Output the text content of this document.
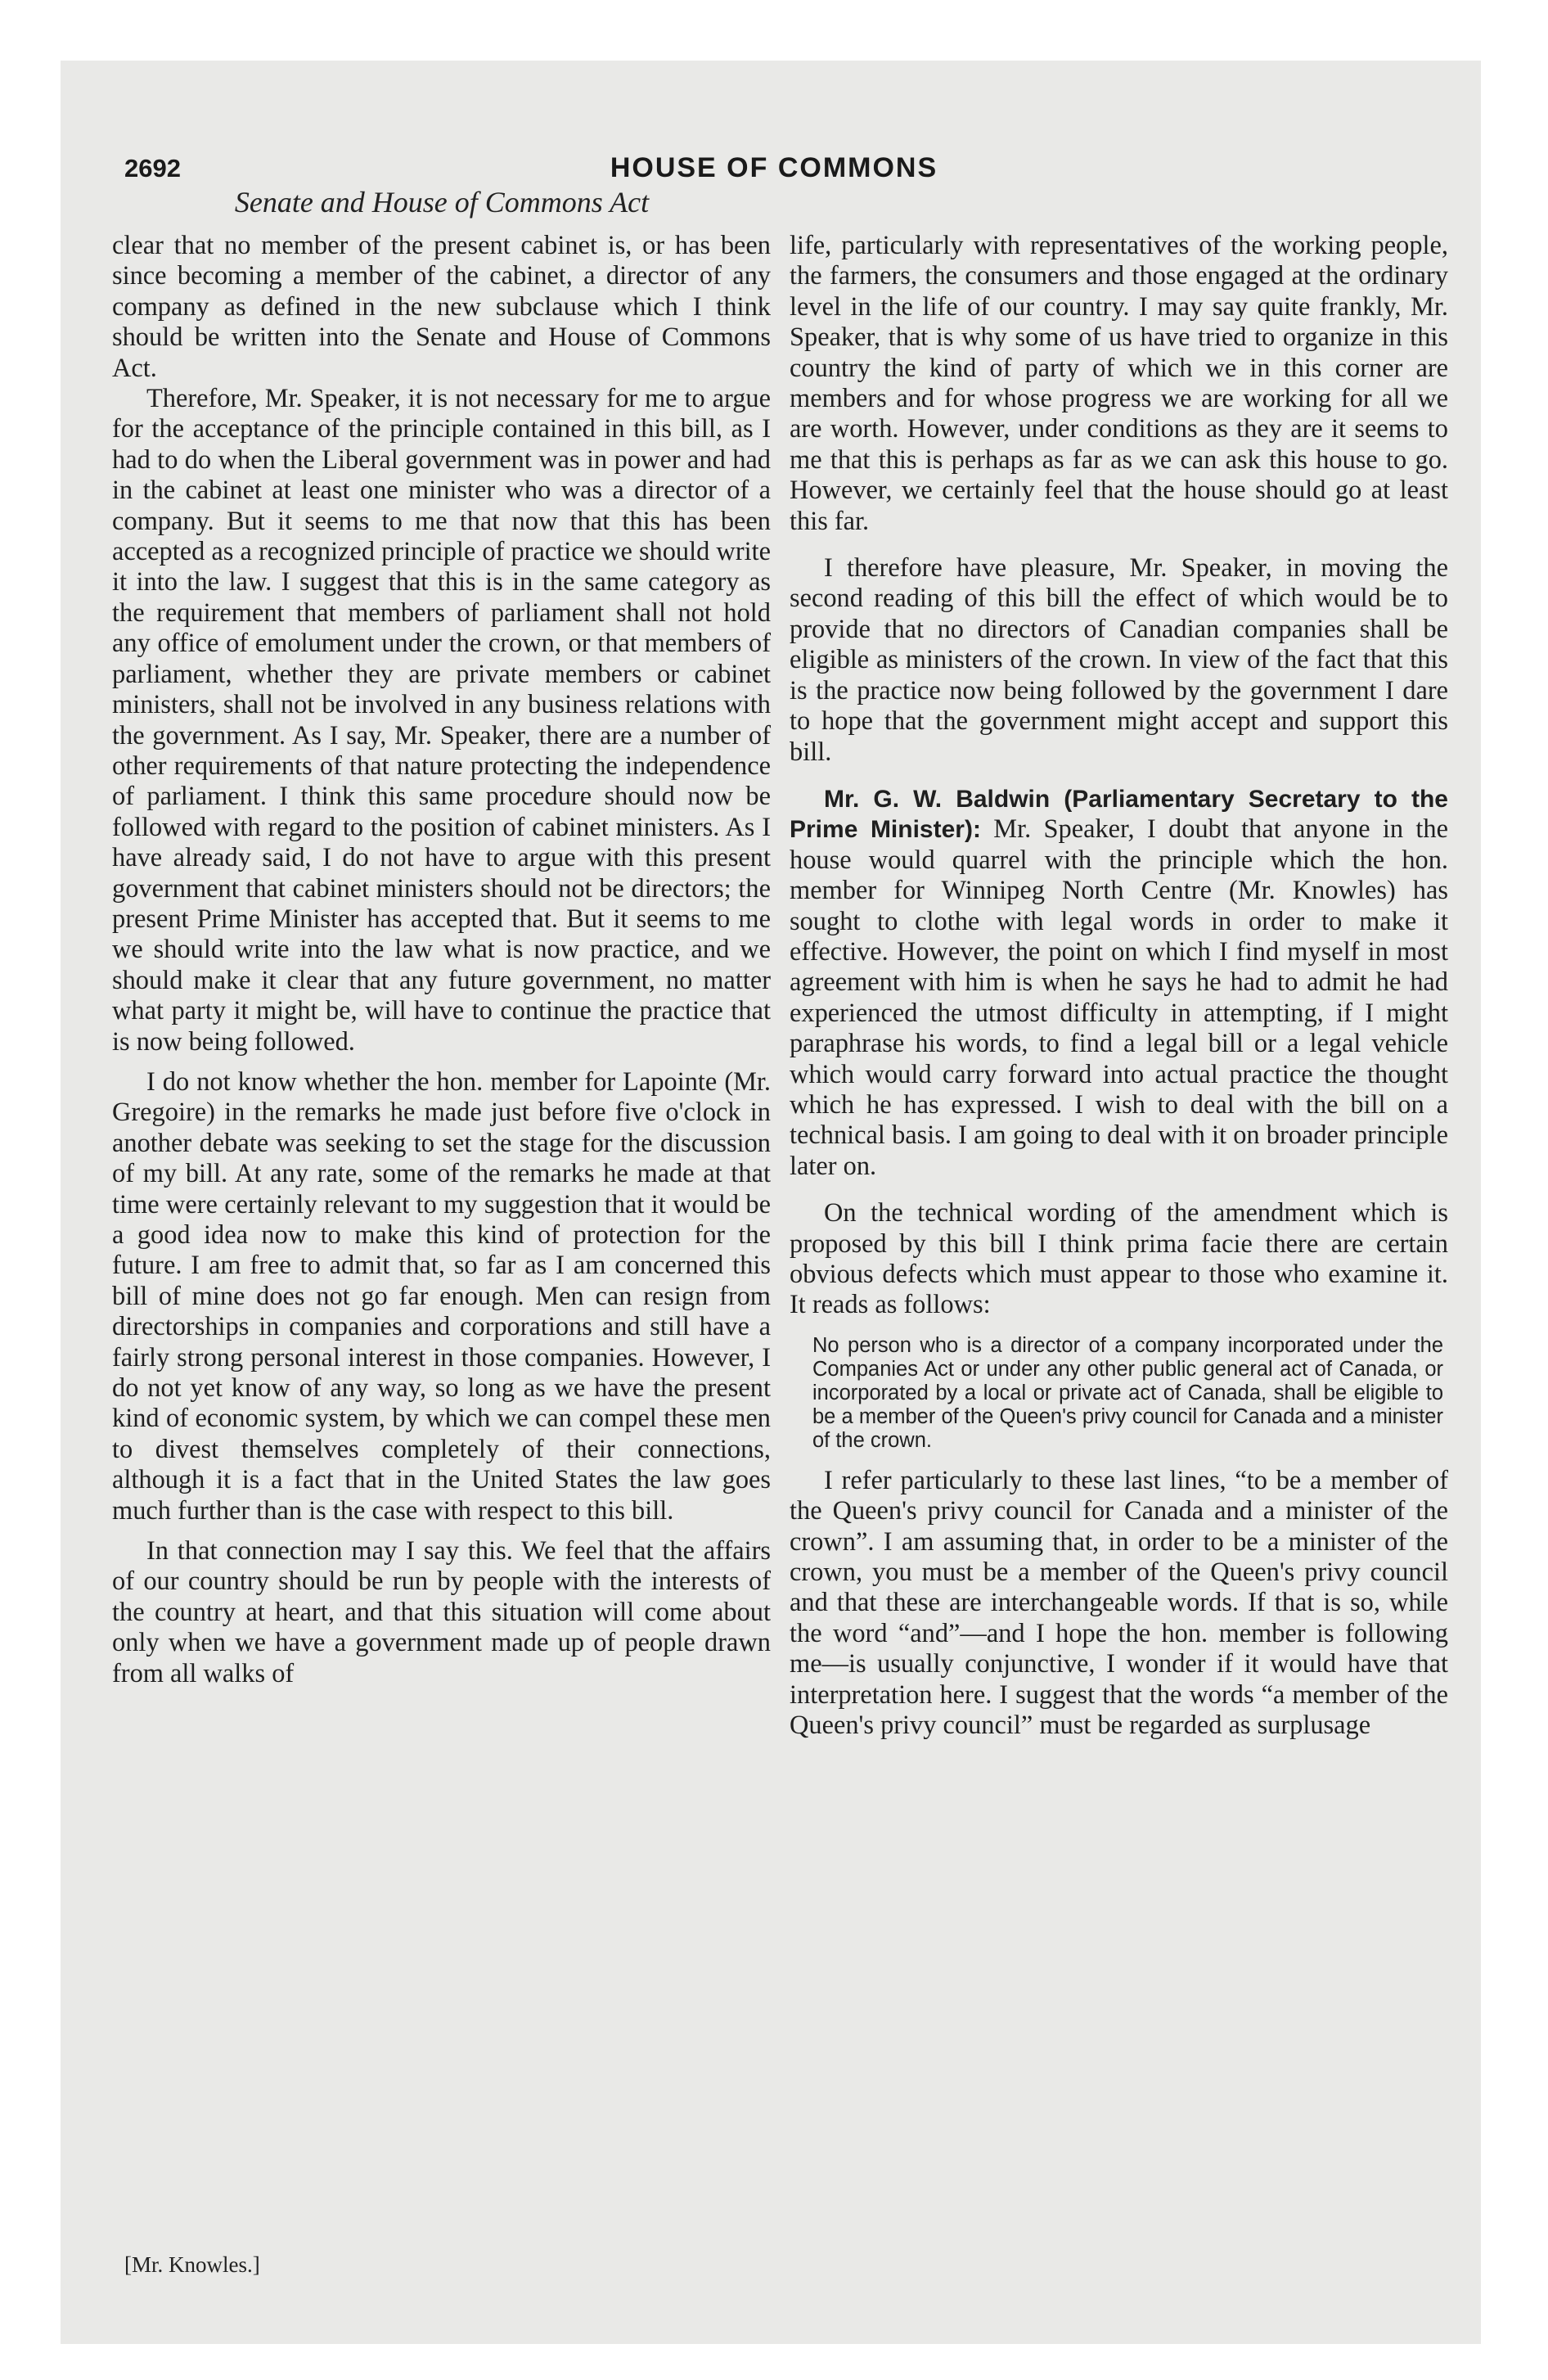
2692	HOUSE OF COMMONS
Senate and House of Commons Act

clear that no member of the present cabinet is, or has been since becoming a member of the cabinet, a director of any company as defined in the new subclause which I think should be written into the Senate and House of Commons Act.

Therefore, Mr. Speaker, it is not necessary for me to argue for the acceptance of the principle contained in this bill, as I had to do when the Liberal government was in power and had in the cabinet at least one minister who was a director of a company. But it seems to me that now that this has been accepted as a recognized principle of practice we should write it into the law. I suggest that this is in the same category as the requirement that members of parliament shall not hold any office of emolument under the crown, or that members of parliament, whether they are private members or cabinet ministers, shall not be involved in any business relations with the government. As I say, Mr. Speaker, there are a number of other requirements of that nature protecting the independence of parliament. I think this same procedure should now be followed with regard to the position of cabinet ministers. As I have already said, I do not have to argue with this present government that cabinet ministers should not be directors; the present Prime Minister has accepted that. But it seems to me we should write into the law what is now practice, and we should make it clear that any future government, no matter what party it might be, will have to continue the practice that is now being followed.

I do not know whether the hon. member for Lapointe (Mr. Gregoire) in the remarks he made just before five o'clock in another debate was seeking to set the stage for the discussion of my bill. At any rate, some of the remarks he made at that time were certainly relevant to my suggestion that it would be a good idea now to make this kind of protection for the future. I am free to admit that, so far as I am concerned this bill of mine does not go far enough. Men can resign from directorships in companies and corporations and still have a fairly strong personal interest in those companies. However, I do not yet know of any way, so long as we have the present kind of economic system, by which we can compel these men to divest themselves completely of their connections, although it is a fact that in the United States the law goes much further than is the case with respect to this bill.

In that connection may I say this. We feel that the affairs of our country should be run by people with the interests of the country at heart, and that this situation will come about only when we have a government made up of people drawn from all walks of

life, particularly with representatives of the working people, the farmers, the consumers and those engaged at the ordinary level in the life of our country. I may say quite frankly, Mr. Speaker, that is why some of us have tried to organize in this country the kind of party of which we in this corner are members and for whose progress we are working for all we are worth. However, under conditions as they are it seems to me that this is perhaps as far as we can ask this house to go. However, we certainly feel that the house should go at least this far.

I therefore have pleasure, Mr. Speaker, in moving the second reading of this bill the effect of which would be to provide that no directors of Canadian companies shall be eligible as ministers of the crown. In view of the fact that this is the practice now being followed by the government I dare to hope that the government might accept and support this bill.

Mr. G. W. Baldwin (Parliamentary Secretary to the Prime Minister): Mr. Speaker, I doubt that anyone in the house would quarrel with the principle which the hon. member for Winnipeg North Centre (Mr. Knowles) has sought to clothe with legal words in order to make it effective. However, the point on which I find myself in most agreement with him is when he says he had to admit he had experienced the utmost difficulty in attempting, if I might paraphrase his words, to find a legal bill or a legal vehicle which would carry forward into actual practice the thought which he has expressed. I wish to deal with the bill on a technical basis. I am going to deal with it on broader principle later on.

On the technical wording of the amendment which is proposed by this bill I think prima facie there are certain obvious defects which must appear to those who examine it. It reads as follows:

No person who is a director of a company incorporated under the Companies Act or under any other public general act of Canada, or incorporated by a local or private act of Canada, shall be eligible to be a member of the Queen's privy council for Canada and a minister of the crown.

I refer particularly to these last lines, “to be a member of the Queen's privy council for Canada and a minister of the crown”. I am assuming that, in order to be a minister of the crown, you must be a member of the Queen's privy council and that these are interchangeable words. If that is so, while the word “and”—and I hope the hon. member is following me—is usually conjunctive, I wonder if it would have that interpretation here. I suggest that the words “a member of the Queen's privy council” must be regarded as surplusage

[Mr. Knowles.]
